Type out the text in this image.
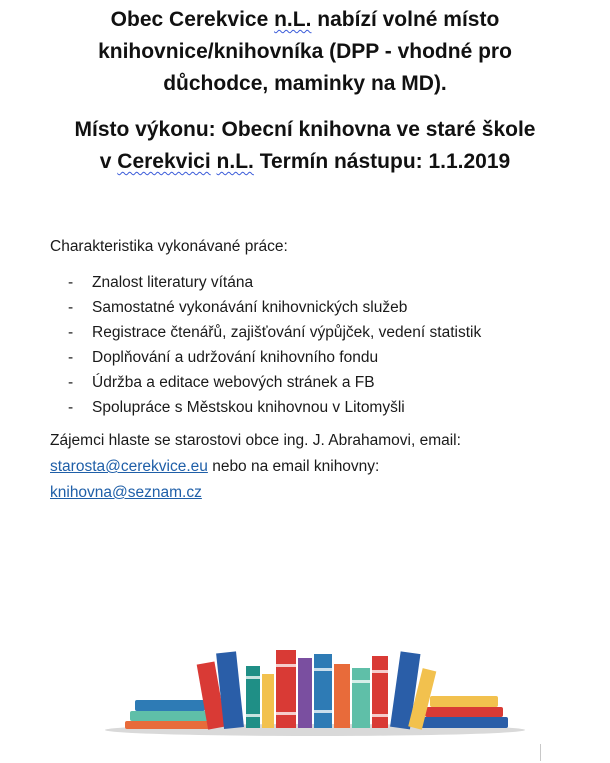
Obec Cerekvice n.L. nabízí volné místo
knihovnice/knihovníka (DPP - vhodné pro
důchodce, maminky na MD).
Místo výkonu: Obecní knihovna ve staré škole
v Cerekvici n.L. Termín nástupu: 1.1.2019
Charakteristika vykonávané práce:
- Znalost literatury vítána
- Samostatné vykonávání knihovnických služeb
- Registrace čtenářů, zajišťování výpůjček, vedení statistik
- Doplňování a udržování knihovního fondu
- Údržba a editace webových stránek a FB
- Spolupráce s Městskou knihovnou v Litomyšli
Zájemci hlaste se starostovi obce ing. J. Abrahamovi, email:
starosta@cerekvice.eu nebo na email knihovny:
knihovna@seznam.cz
